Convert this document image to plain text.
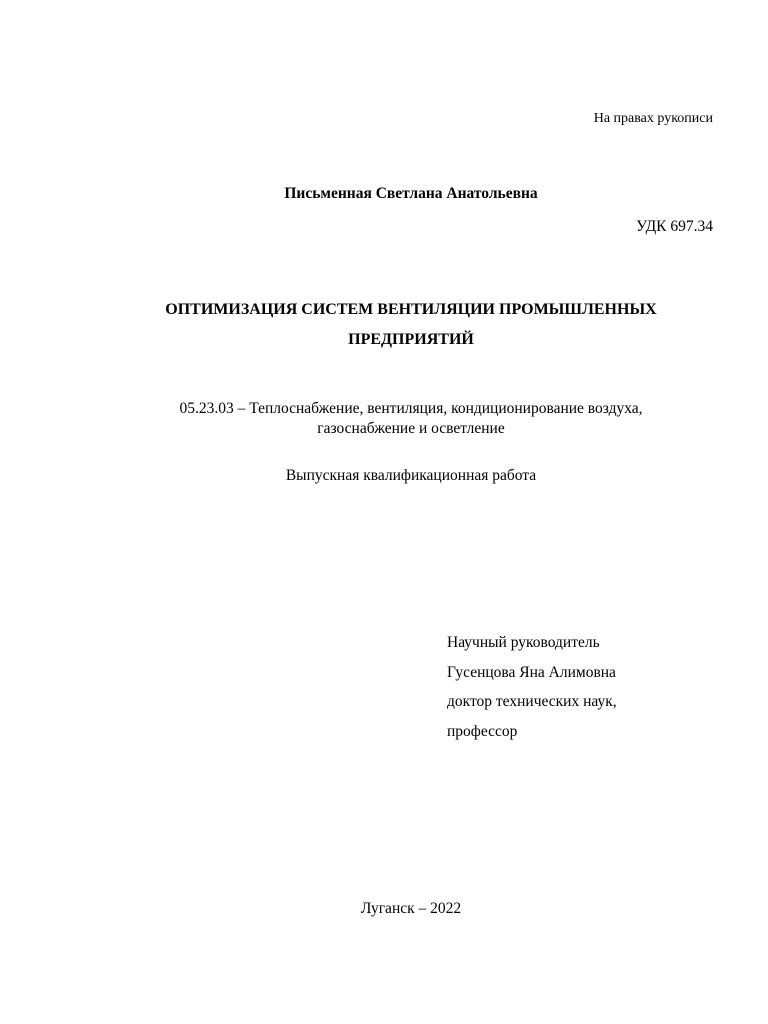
На правах рукописи
Письменная Светлана Анатольевна
УДК 697.34
ОПТИМИЗАЦИЯ СИСТЕМ ВЕНТИЛЯЦИИ ПРОМЫШЛЕННЫХ
ПРЕДПРИЯТИЙ
05.23.03 – Теплоснабжение, вентиляция, кондиционирование воздуха,
газоснабжение и осветление
Выпускная квалификационная работа
Научный руководитель
Гусенцова Яна Алимовна
доктор технических наук,
профессор
Луганск – 2022
